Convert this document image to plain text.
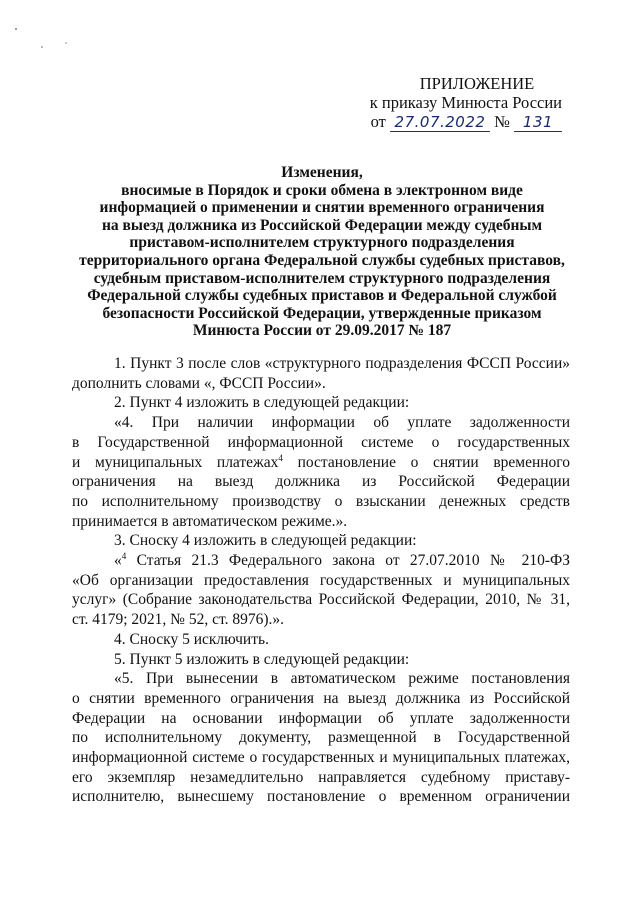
ПРИЛОЖЕНИЕ
к приказу Минюста России
от 27.07.2022 № 131
Изменения,
вносимые в Порядок и сроки обмена в электронном виде
информацией о применении и снятии временного ограничения
на выезд должника из Российской Федерации между судебным
приставом-исполнителем структурного подразделения
территориального органа Федеральной службы судебных приставов,
судебным приставом-исполнителем структурного подразделения
Федеральной службы судебных приставов и Федеральной службой
безопасности Российской Федерации, утвержденные приказом
Минюста России от 29.09.2017 № 187
1. Пункт 3 после слов «структурного подразделения ФССП России»
дополнить словами «, ФССП России».
2. Пункт 4 изложить в следующей редакции:
«4. При наличии информации об уплате задолженности
в Государственной информационной системе о государственных
и муниципальных платежах$^4$ постановление о снятии временного
ограничения на выезд должника из Российской Федерации
по исполнительному производству о взыскании денежных средств
принимается в автоматическом режиме.».
3. Сноску 4 изложить в следующей редакции:
«$^4$ Статья 21.3 Федерального закона от 27.07.2010 № 210-ФЗ
«Об организации предоставления государственных и муниципальных
услуг» (Собрание законодательства Российской Федерации, 2010, № 31,
ст. 4179; 2021, № 52, ст. 8976).».
4. Сноску 5 исключить.
5. Пункт 5 изложить в следующей редакции:
«5. При вынесении в автоматическом режиме постановления
о снятии временного ограничения на выезд должника из Российской
Федерации на основании информации об уплате задолженности
по исполнительному документу, размещенной в Государственной
информационной системе о государственных и муниципальных платежах,
его экземпляр незамедлительно направляется судебному приставу-
исполнителю, вынесшему постановление о временном ограничении
